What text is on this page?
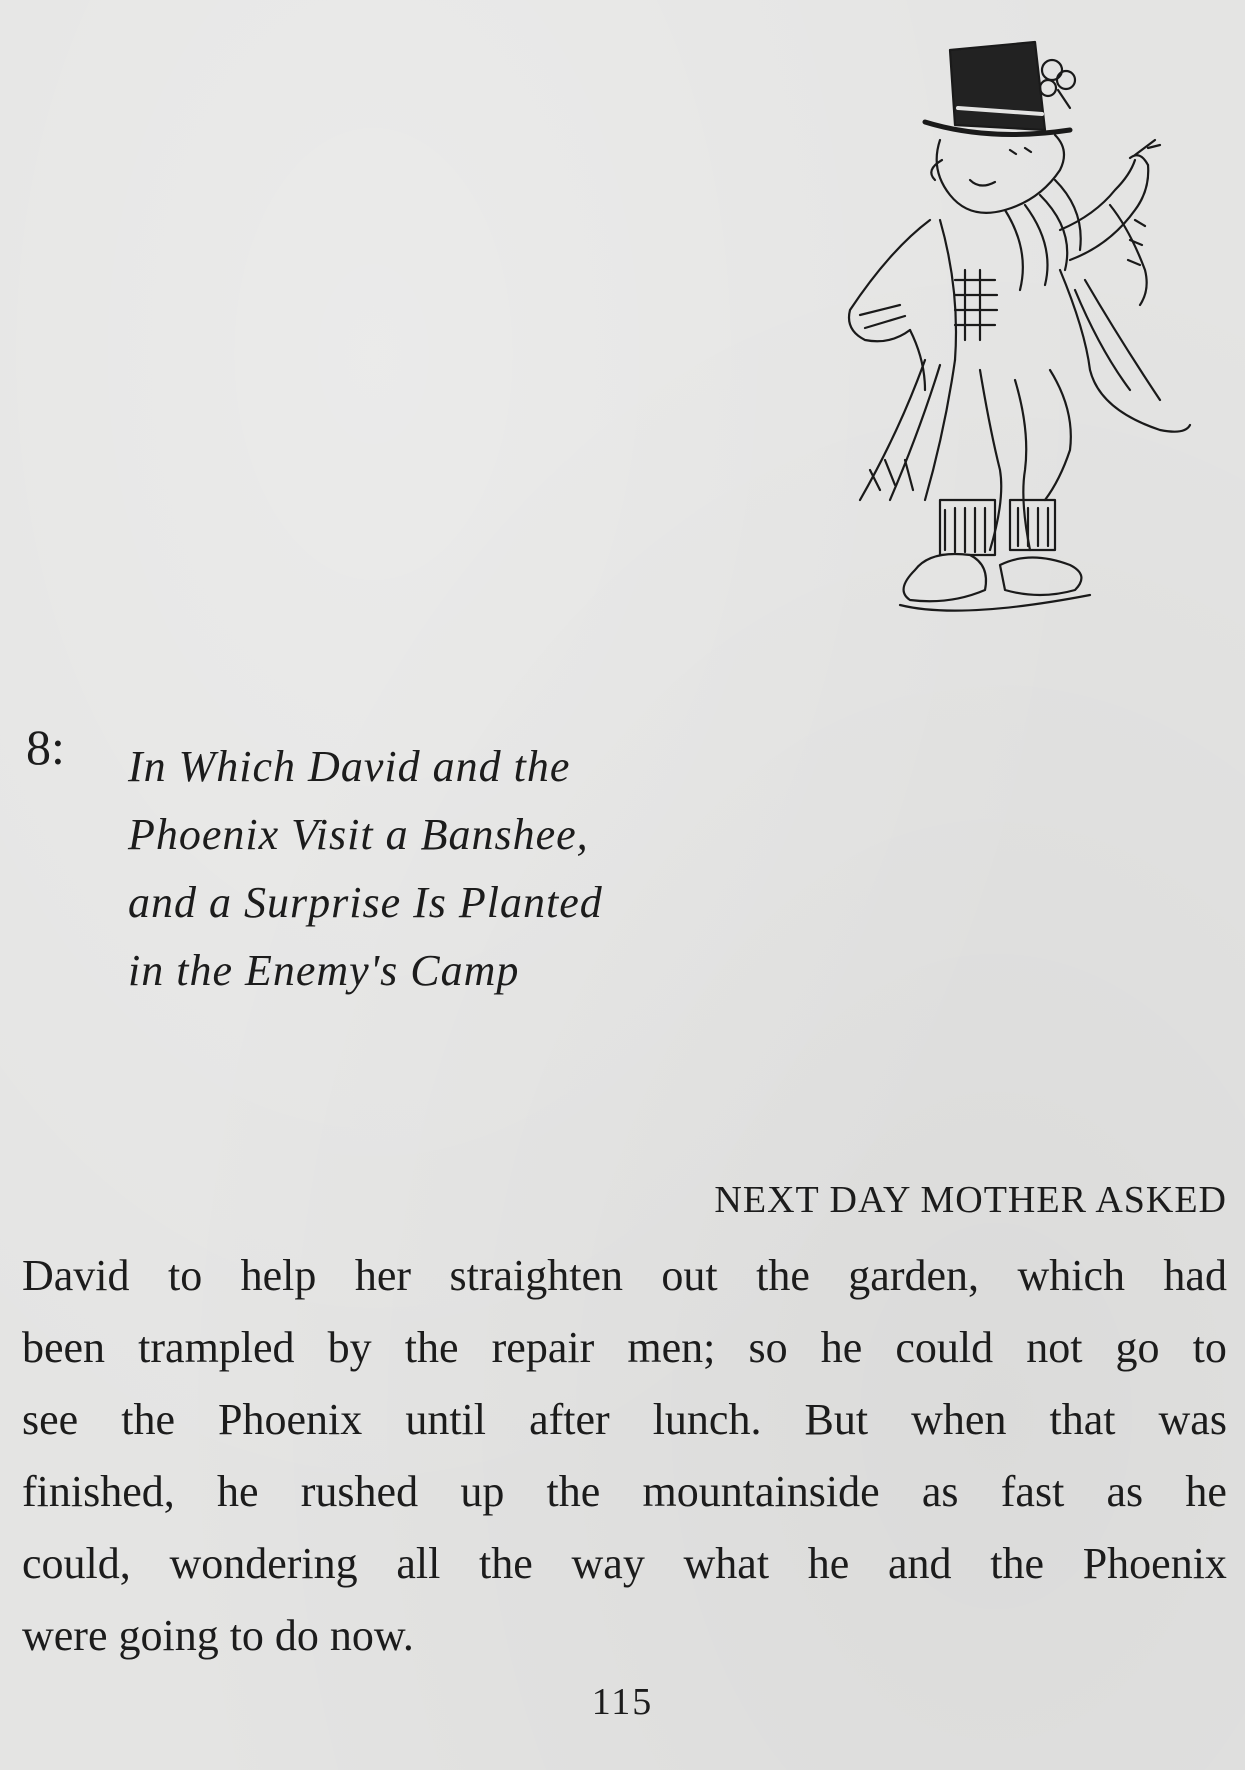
8: In Which David and the
Phoenix Visit a Banshee,
and a Surprise Is Planted
in the Enemy's Camp
NEXT DAY MOTHER ASKED
David to help her straighten out the garden, which had
been trampled by the repair men; so he could not go to
see the Phoenix until after lunch. But when that was
finished, he rushed up the mountainside as fast as he
could, wondering all the way what he and the Phoenix
were going to do now.
115
